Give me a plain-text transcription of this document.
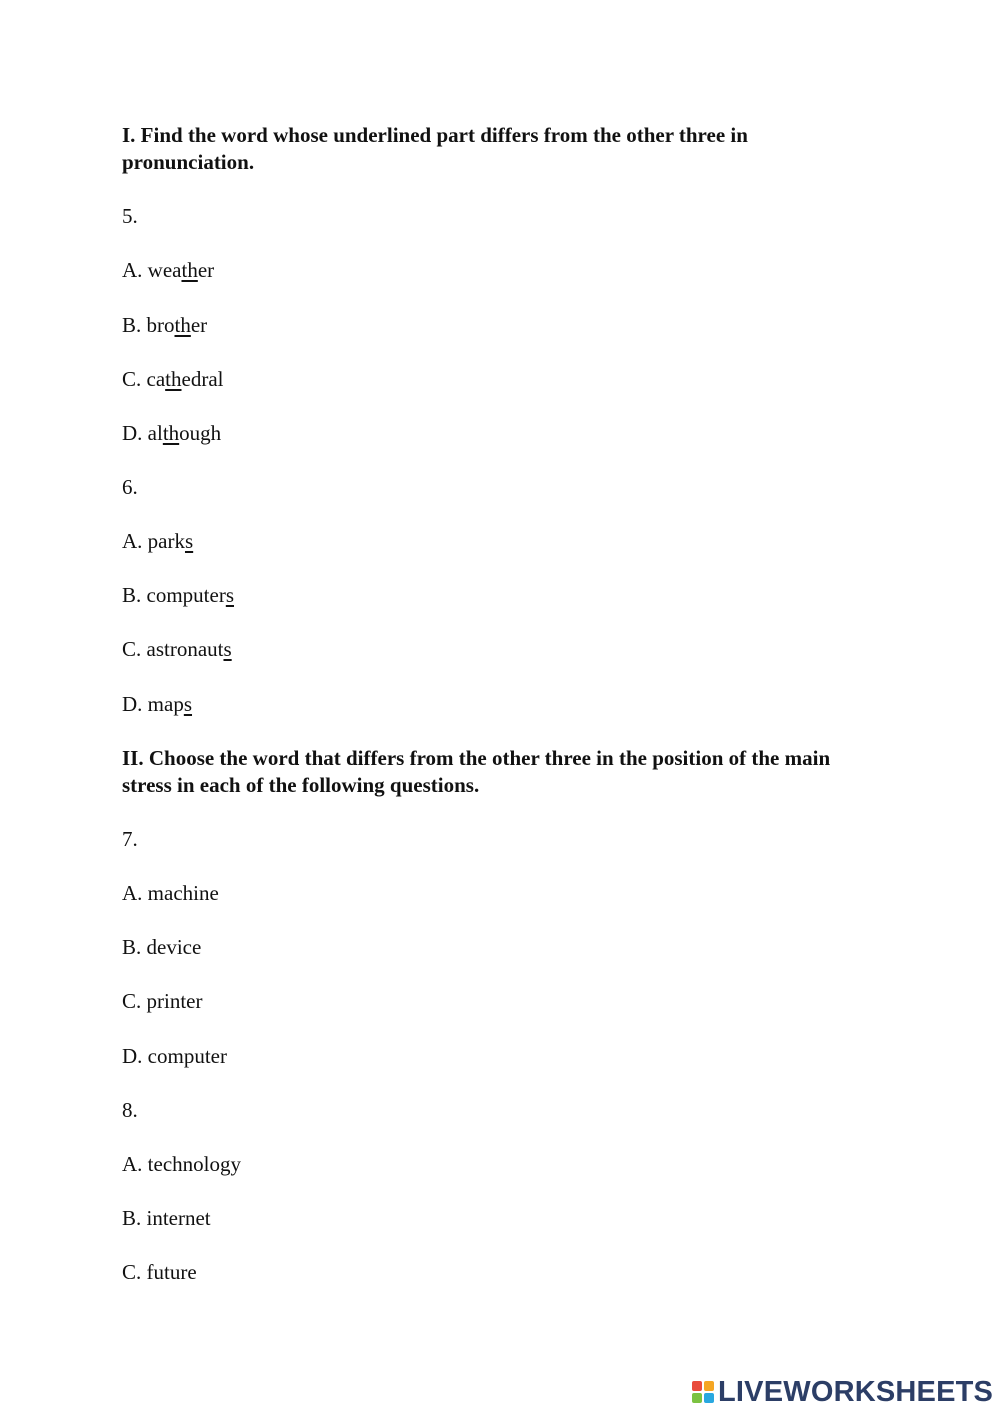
I. Find the word whose underlined part differs from the other three in pronunciation.
5.
A. weather
B. brother
C. cathedral
D. although
6.
A. parks
B. computers
C. astronauts
D. maps
II. Choose the word that differs from the other three in the position of the main stress in each of the following questions.
7.
A. machine
B. device
C. printer
D. computer
8.
A. technology
B. internet
C. future
LIVEWORKSHEETS
